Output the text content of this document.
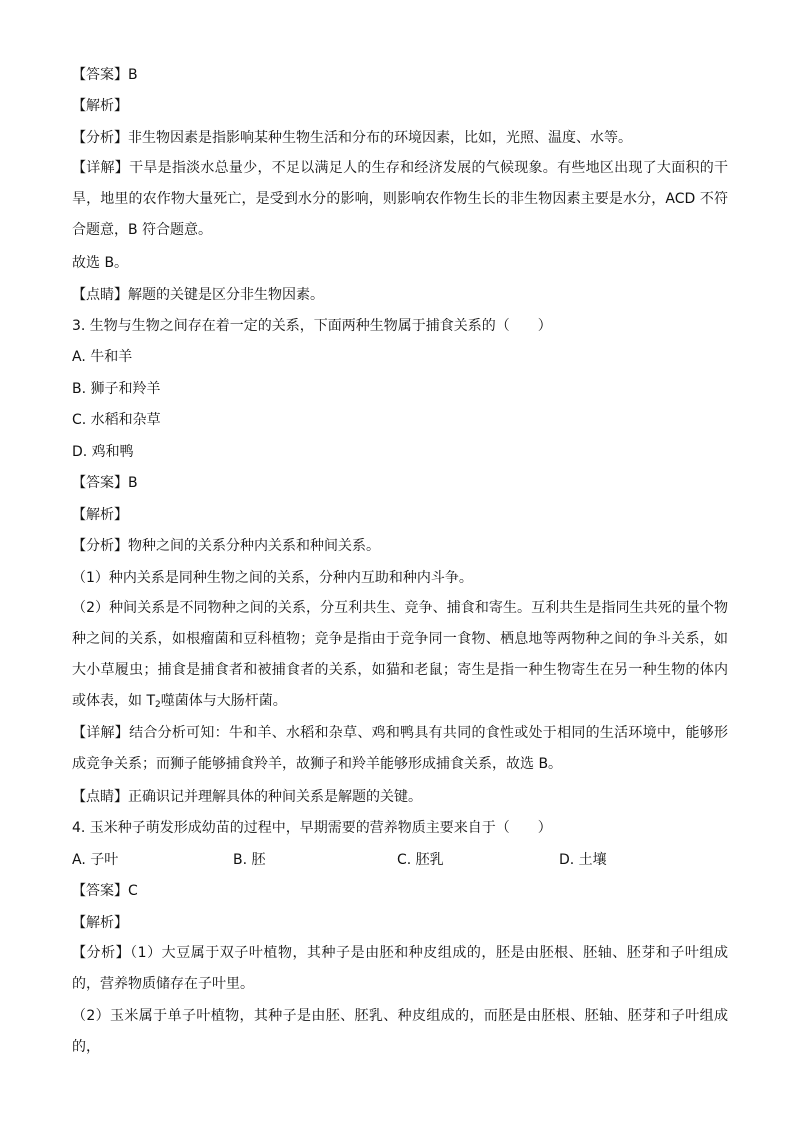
【答案】B
【解析】
【分析】非生物因素是指影响某种生物生活和分布的环境因素，比如，光照、温度、水等。
【详解】干旱是指淡水总量少，不足以满足人的生存和经济发展的气候现象。有些地区出现了大面积的干旱，地里的农作物大量死亡，是受到水分的影响，则影响农作物生长的非生物因素主要是水分，ACD 不符合题意，B 符合题意。
故选 B。
【点睛】解题的关键是区分非生物因素。
3. 生物与生物之间存在着一定的关系，下面两种生物属于捕食关系的（　　）
A. 牛和羊
B. 狮子和羚羊
C. 水稻和杂草
D. 鸡和鸭
【答案】B
【解析】
【分析】物种之间的关系分种内关系和种间关系。
（1）种内关系是同种生物之间的关系，分种内互助和种内斗争。
（2）种间关系是不同物种之间的关系，分互利共生、竞争、捕食和寄生。互利共生是指同生共死的量个物种之间的关系，如根瘤菌和豆科植物；竞争是指由于竞争同一食物、栖息地等两物种之间的争斗关系，如大小草履虫；捕食是捕食者和被捕食者的关系，如猫和老鼠；寄生是指一种生物寄生在另一种生物的体内或体表，如 $T_2$噬菌体与大肠杆菌。
【详解】结合分析可知：牛和羊、水稻和杂草、鸡和鸭具有共同的食性或处于相同的生活环境中，能够形成竞争关系；而狮子能够捕食羚羊，故狮子和羚羊能够形成捕食关系，故选 B。
【点睛】正确识记并理解具体的种间关系是解题的关键。
4. 玉米种子萌发形成幼苗的过程中，早期需要的营养物质主要来自于（　　）
A. 子叶	B. 胚	C. 胚乳	D. 土壤
【答案】C
【解析】
【分析】（1）大豆属于双子叶植物，其种子是由胚和种皮组成的，胚是由胚根、胚轴、胚芽和子叶组成的，营养物质储存在子叶里。
（2）玉米属于单子叶植物，其种子是由胚、胚乳、种皮组成的，而胚是由胚根、胚轴、胚芽和子叶组成的，
